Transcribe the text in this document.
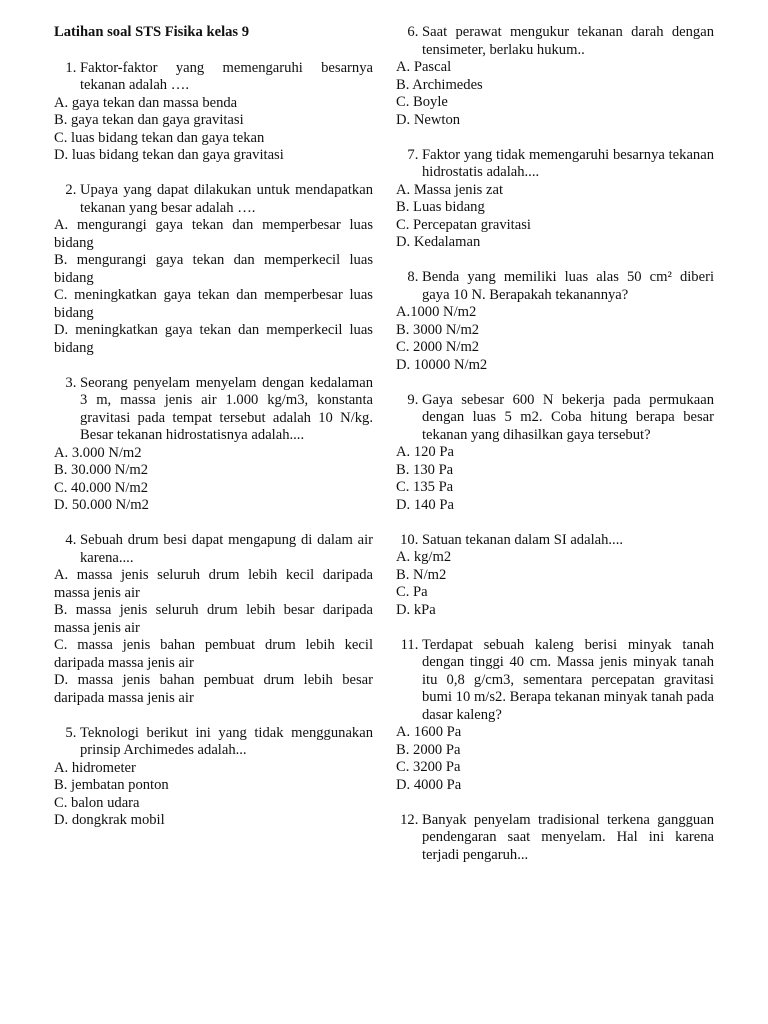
Latihan soal STS Fisika kelas 9
1. Faktor-faktor yang memengaruhi besarnya tekanan adalah ….
A. gaya tekan dan massa benda
B. gaya tekan dan gaya gravitasi
C. luas bidang tekan dan gaya tekan
D. luas bidang tekan dan gaya gravitasi
2. Upaya yang dapat dilakukan untuk mendapatkan tekanan yang besar adalah ….
A. mengurangi gaya tekan dan memperbesar luas bidang
B. mengurangi gaya tekan dan memperkecil luas bidang
C. meningkatkan gaya tekan dan memperbesar luas bidang
D. meningkatkan gaya tekan dan memperkecil luas bidang
3. Seorang penyelam menyelam dengan kedalaman 3 m, massa jenis air 1.000 kg/m3, konstanta gravitasi pada tempat tersebut adalah 10 N/kg. Besar tekanan hidrostatisnya adalah....
A. 3.000 N/m2
B. 30.000 N/m2
C. 40.000 N/m2
D. 50.000 N/m2
4. Sebuah drum besi dapat mengapung di dalam air karena....
A. massa jenis seluruh drum lebih kecil daripada massa jenis air
B. massa jenis seluruh drum lebih besar daripada massa jenis air
C. massa jenis bahan pembuat drum lebih kecil daripada massa jenis air
D. massa jenis bahan pembuat drum lebih besar daripada massa jenis air
5. Teknologi berikut ini yang tidak menggunakan prinsip Archimedes adalah...
A. hidrometer
B. jembatan ponton
C. balon udara
D. dongkrak mobil
6. Saat perawat mengukur tekanan darah dengan tensimeter, berlaku hukum..
A. Pascal
B. Archimedes
C. Boyle
D. Newton
7. Faktor yang tidak memengaruhi besarnya tekanan hidrostatis adalah....
A. Massa jenis zat
B. Luas bidang
C. Percepatan gravitasi
D. Kedalaman
8. Benda yang memiliki luas alas 50 cm² diberi gaya 10 N. Berapakah tekanannya?
A.1000 N/m2
B. 3000 N/m2
C. 2000 N/m2
D. 10000 N/m2
9. Gaya sebesar 600 N bekerja pada permukaan dengan luas 5 m2. Coba hitung berapa besar tekanan yang dihasilkan gaya tersebut?
A. 120 Pa
B. 130 Pa
C. 135 Pa
D. 140 Pa
10. Satuan tekanan dalam SI adalah....
A. kg/m2
B. N/m2
C. Pa
D. kPa
11. Terdapat sebuah kaleng berisi minyak tanah dengan tinggi 40 cm. Massa jenis minyak tanah itu 0,8 g/cm3, sementara percepatan gravitasi bumi 10 m/s2. Berapa tekanan minyak tanah pada dasar kaleng?
A. 1600 Pa
B. 2000 Pa
C. 3200 Pa
D. 4000 Pa
12. Banyak penyelam tradisional terkena gangguan pendengaran saat menyelam. Hal ini karena terjadi pengaruh...
